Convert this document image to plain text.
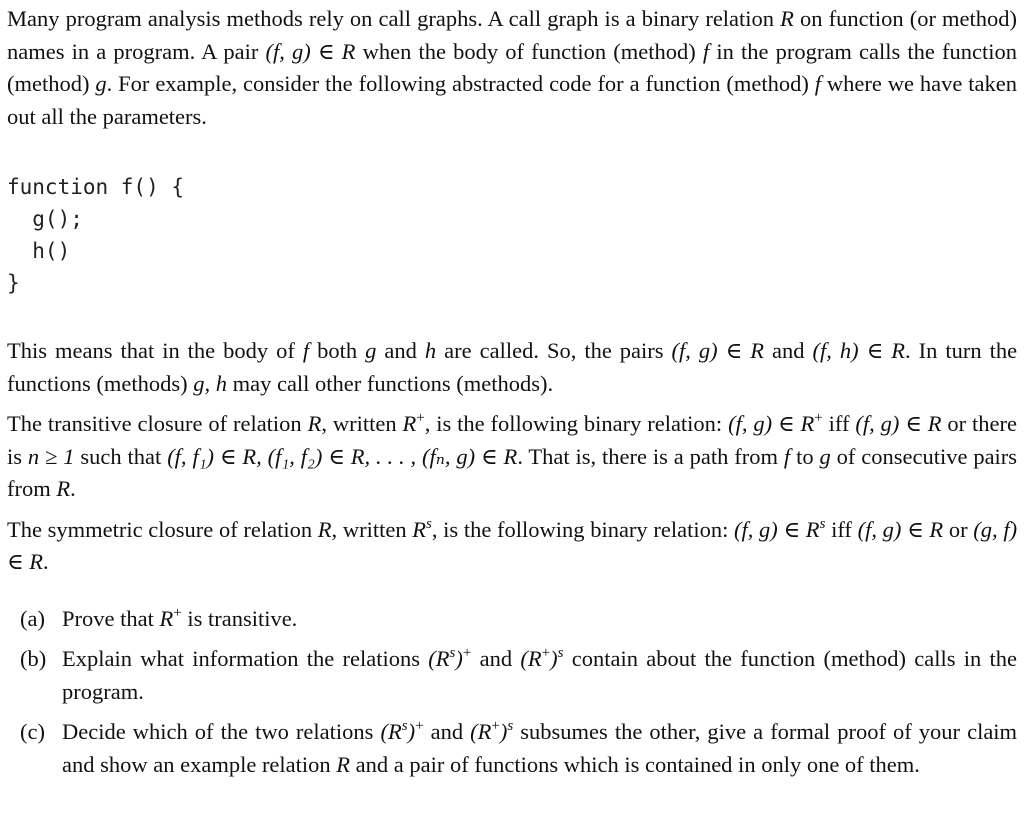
Many program analysis methods rely on call graphs. A call graph is a binary relation R on function (or method) names in a program. A pair (f, g) ∈ R when the body of function (method) f in the program calls the function (method) g. For example, consider the following abstracted code for a function (method) f where we have taken out all the parameters.

function f() {
g();
h()
}

This means that in the body of f both g and h are called. So, the pairs (f, g) ∈ R and (f, h) ∈ R. In turn the functions (methods) g, h may call other functions (methods).

The transitive closure of relation R, written R+, is the following binary relation: (f, g) ∈ R+ iff (f, g) ∈ R or there is n ≥ 1 such that (f, f₁) ∈ R, (f₁, f₂) ∈ R, . . . , (fₙ, g) ∈ R. That is, there is a path from f to g of consecutive pairs from R.

The symmetric closure of relation R, written $R^s$, is the following binary relation: (f, g) ∈ $R^s$ iff (f, g) ∈ R or (g, f) ∈ R.

(a) Prove that R+ is transitive.
(b) Explain what information the relations $(R^s)^+$ and $(R^+)^s$ contain about the function (method) calls in the program.
(c) Decide which of the two relations $(R^s)^+$ and $(R^+)^s$ subsumes the other, give a formal proof of your claim and show an example relation R and a pair of functions which is contained in only one of them.
